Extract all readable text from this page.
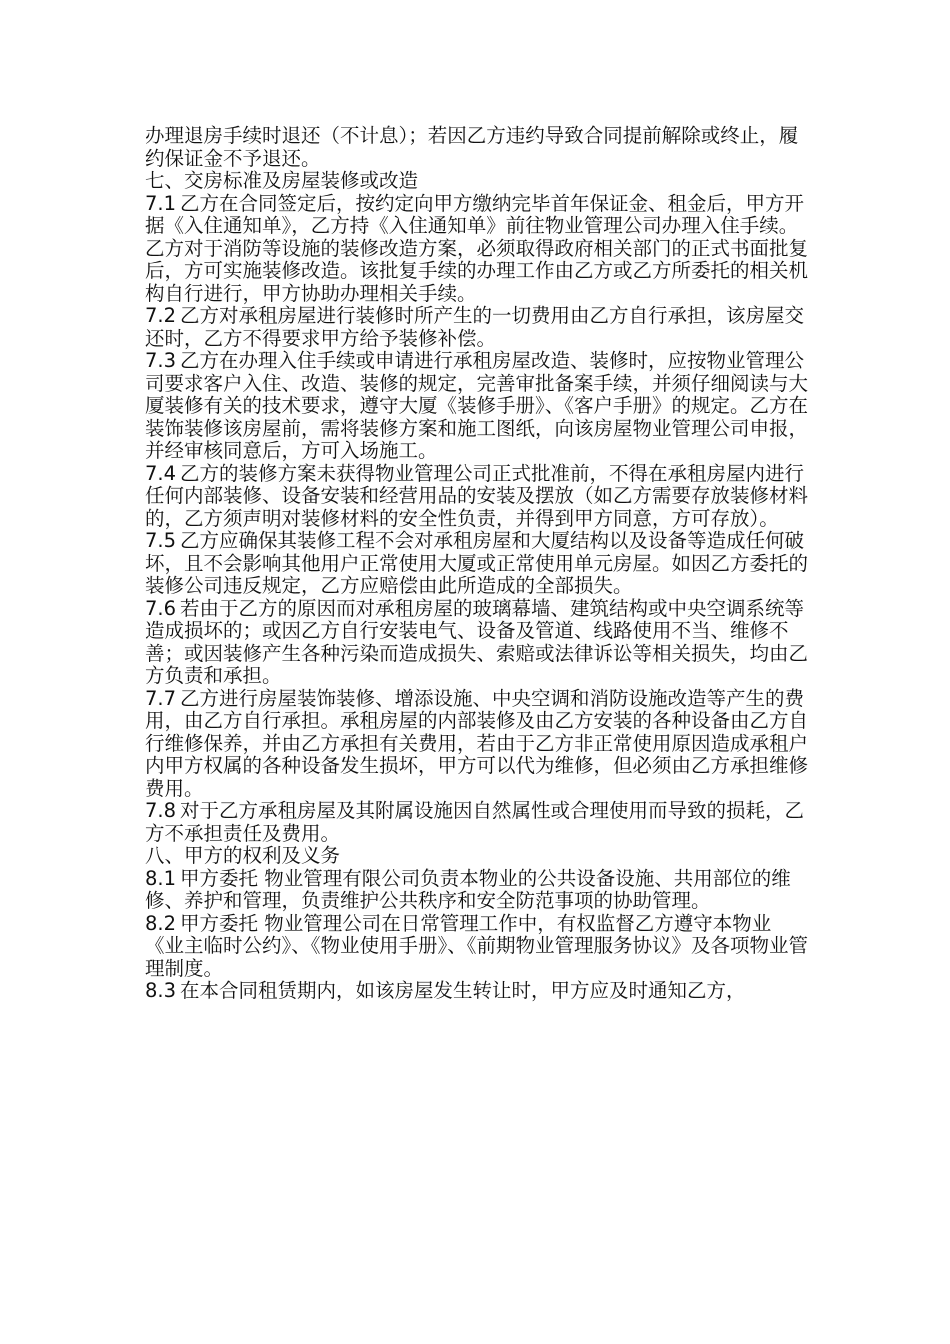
办理退房手续时退还（不计息）；若因乙方违约导致合同提前解除或终止，履约保证金不予退还。

七、交房标准及房屋装修或改造

7.1 乙方在合同签定后，按约定向甲方缴纳完毕首年保证金、租金后，甲方开据《入住通知单》，乙方持《入住通知单》前往物业管理公司办理入住手续。乙方对于消防等设施的装修改造方案，必须取得政府相关部门的正式书面批复后，方可实施装修改造。该批复手续的办理工作由乙方或乙方所委托的相关机构自行进行，甲方协助办理相关手续。

7.2 乙方对承租房屋进行装修时所产生的一切费用由乙方自行承担，该房屋交还时，乙方不得要求甲方给予装修补偿。

7.3 乙方在办理入住手续或申请进行承租房屋改造、装修时，应按物业管理公司要求客户入住、改造、装修的规定，完善审批备案手续，并须仔细阅读与大厦装修有关的技术要求，遵守大厦《装修手册》、《客户手册》的规定。乙方在装饰装修该房屋前，需将装修方案和施工图纸，向该房屋物业管理公司申报，并经审核同意后，方可入场施工。

7.4 乙方的装修方案未获得物业管理公司正式批准前，不得在承租房屋内进行任何内部装修、设备安装和经营用品的安装及摆放（如乙方需要存放装修材料的，乙方须声明对装修材料的安全性负责，并得到甲方同意，方可存放）。

7.5 乙方应确保其装修工程不会对承租房屋和大厦结构以及设备等造成任何破坏，且不会影响其他用户正常使用大厦或正常使用单元房屋。如因乙方委托的装修公司违反规定，乙方应赔偿由此所造成的全部损失。

7.6 若由于乙方的原因而对承租房屋的玻璃幕墙、建筑结构或中央空调系统等造成损坏的；或因乙方自行安装电气、设备及管道、线路使用不当、维修不善；或因装修产生各种污染而造成损失、索赔或法律诉讼等相关损失，均由乙方负责和承担。

7.7 乙方进行房屋装饰装修、增添设施、中央空调和消防设施改造等产生的费用，由乙方自行承担。承租房屋的内部装修及由乙方安装的各种设备由乙方自行维修保养，并由乙方承担有关费用，若由于乙方非正常使用原因造成承租户内甲方权属的各种设备发生损坏，甲方可以代为维修，但必须由乙方承担维修费用。

7.8 对于乙方承租房屋及其附属设施因自然属性或合理使用而导致的损耗，乙方不承担责任及费用。

八、甲方的权利及义务

8.1 甲方委托 物业管理有限公司负责本物业的公共设备设施、共用部位的维修、养护和管理，负责维护公共秩序和安全防范事项的协助管理。

8.2 甲方委托 物业管理公司在日常管理工作中，有权监督乙方遵守本物业《业主临时公约》、《物业使用手册》、《前期物业管理服务协议》及各项物业管理制度。

8.3 在本合同租赁期内，如该房屋发生转让时，甲方应及时通知乙方，
